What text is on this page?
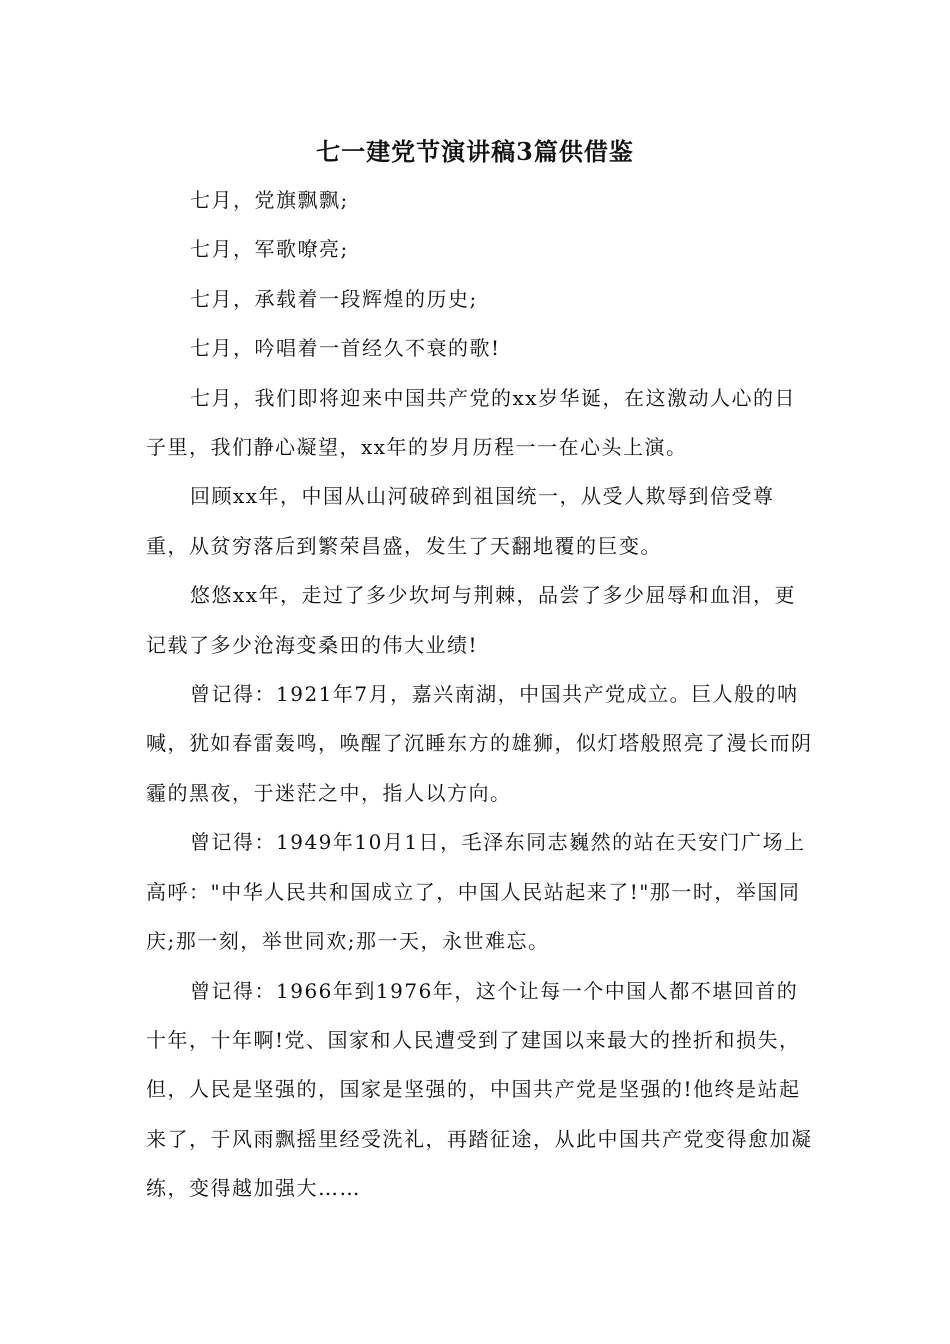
七一建党节演讲稿3篇供借鉴

七月，党旗飘飘;

七月，军歌嘹亮;

七月，承载着一段辉煌的历史;

七月，吟唱着一首经久不衰的歌!

七月，我们即将迎来中国共产党的xx岁华诞，在这激动人心的日子里，我们静心凝望，xx年的岁月历程一一在心头上演。

回顾xx年，中国从山河破碎到祖国统一，从受人欺辱到倍受尊重，从贫穷落后到繁荣昌盛，发生了天翻地覆的巨变。

悠悠xx年，走过了多少坎坷与荆棘，品尝了多少屈辱和血泪，更记载了多少沧海变桑田的伟大业绩!

曾记得：1921年7月，嘉兴南湖，中国共产党成立。巨人般的呐喊，犹如春雷轰鸣，唤醒了沉睡东方的雄狮，似灯塔般照亮了漫长而阴霾的黑夜，于迷茫之中，指人以方向。

曾记得：1949年10月1日，毛泽东同志巍然的站在天安门广场上高呼："中华人民共和国成立了，中国人民站起来了!"那一时，举国同庆;那一刻，举世同欢;那一天，永世难忘。

曾记得：1966年到1976年，这个让每一个中国人都不堪回首的十年，十年啊!党、国家和人民遭受到了建国以来最大的挫折和损失，但，人民是坚强的，国家是坚强的，中国共产党是坚强的!他终是站起来了，于风雨飘摇里经受洗礼，再踏征途，从此中国共产党变得愈加凝练，变得越加强大……
